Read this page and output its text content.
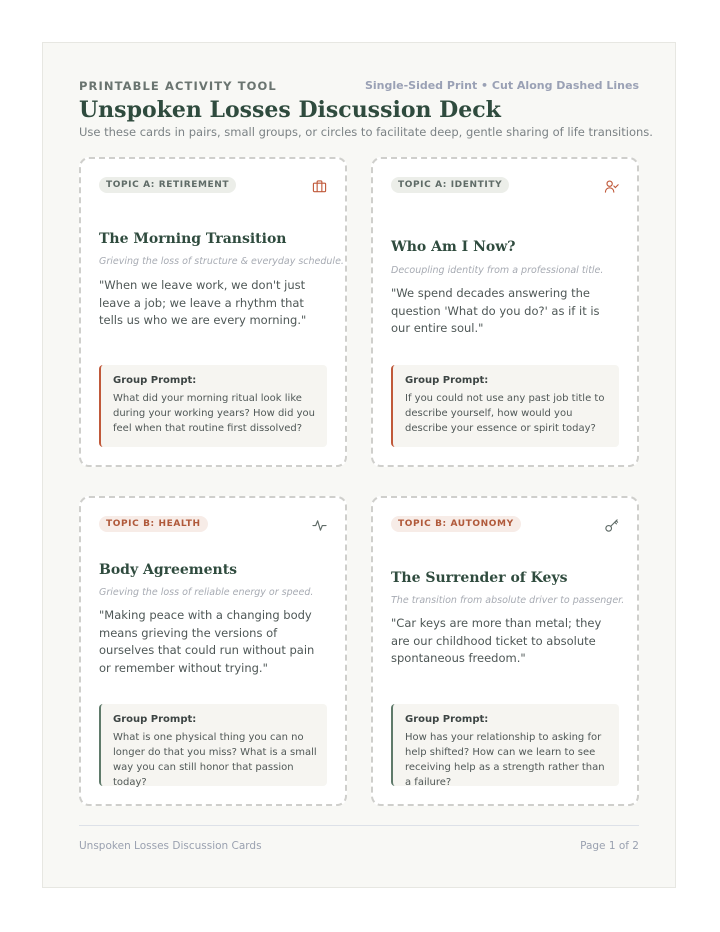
PRINTABLE ACTIVITY TOOL	Single-Sided Print • Cut Along Dashed Lines
Unspoken Losses Discussion Deck
Use these cards in pairs, small groups, or circles to facilitate deep, gentle sharing of life transitions.
TOPIC A: RETIREMENT
The Morning Transition
Grieving the loss of structure & everyday schedule.
"When we leave work, we don't just leave a job; we leave a rhythm that tells us who we are every morning."
Group Prompt:
What did your morning ritual look like during your working years? How did you feel when that routine first dissolved?
TOPIC A: IDENTITY
Who Am I Now?
Decoupling identity from a professional title.
"We spend decades answering the question 'What do you do?' as if it is our entire soul."
Group Prompt:
If you could not use any past job title to describe yourself, how would you describe your essence or spirit today?
TOPIC B: HEALTH
Body Agreements
Grieving the loss of reliable energy or speed.
"Making peace with a changing body means grieving the versions of ourselves that could run without pain or remember without trying."
Group Prompt:
What is one physical thing you can no longer do that you miss? What is a small way you can still honor that passion today?
TOPIC B: AUTONOMY
The Surrender of Keys
The transition from absolute driver to passenger.
"Car keys are more than metal; they are our childhood ticket to absolute spontaneous freedom."
Group Prompt:
How has your relationship to asking for help shifted? How can we learn to see receiving help as a strength rather than a failure?
Unspoken Losses Discussion Cards	Page 1 of 2
